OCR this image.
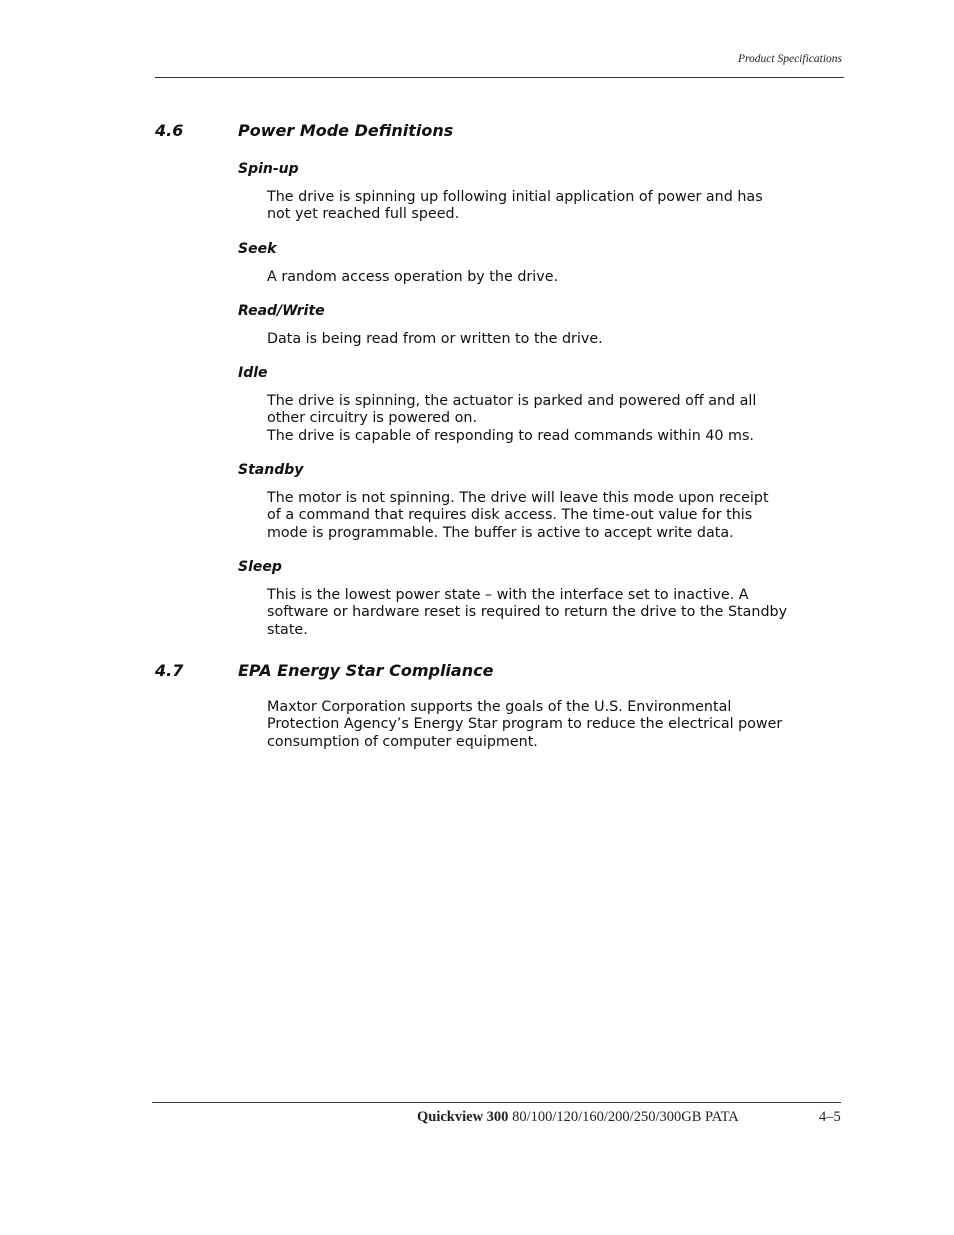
Product Specifications
4.6	Power Mode Definitions
Spin-up
The drive is spinning up following initial application of power and has
not yet reached full speed.
Seek
A random access operation by the drive.
Read/Write
Data is being read from or written to the drive.
Idle
The drive is spinning, the actuator is parked and powered off and all
other circuitry is powered on.
The drive is capable of responding to read commands within 40 ms.
Standby
The motor is not spinning. The drive will leave this mode upon receipt
of a command that requires disk access. The time-out value for this
mode is programmable. The buffer is active to accept write data.
Sleep
This is the lowest power state – with the interface set to inactive. A
software or hardware reset is required to return the drive to the Standby
state.
4.7	EPA Energy Star Compliance
Maxtor Corporation supports the goals of the U.S. Environmental
Protection Agency’s Energy Star program to reduce the electrical power
consumption of computer equipment.
Quickview 300 80/100/120/160/200/250/300GB PATA	4–5
